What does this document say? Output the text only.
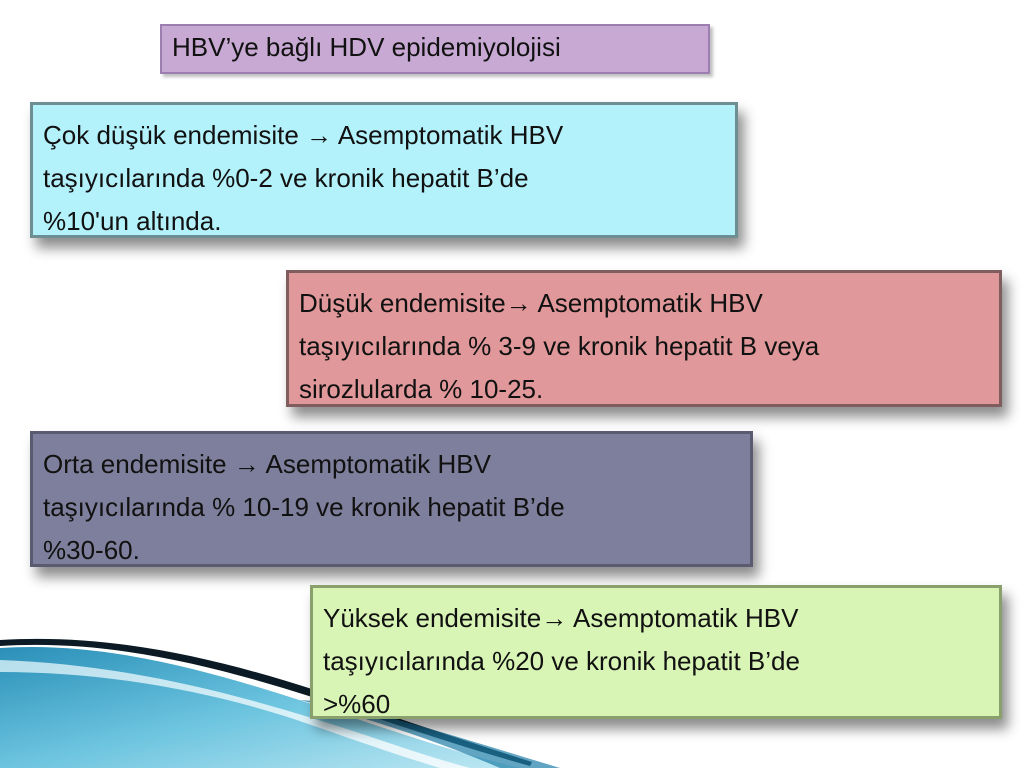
HBV’ye bağlı HDV epidemiyolojisi
Çok düşük endemisite → Asemptomatik HBV
taşıyıcılarında %0-2 ve kronik hepatit B’de
%10'un altında.
Düşük endemisite→ Asemptomatik HBV
taşıyıcılarında % 3-9 ve kronik hepatit B veya
sirozlularda % 10-25.
Orta endemisite → Asemptomatik HBV
taşıyıcılarında % 10-19 ve kronik hepatit B’de
%30-60.
Yüksek endemisite→ Asemptomatik HBV
taşıyıcılarında %20 ve kronik hepatit B’de
>%60
